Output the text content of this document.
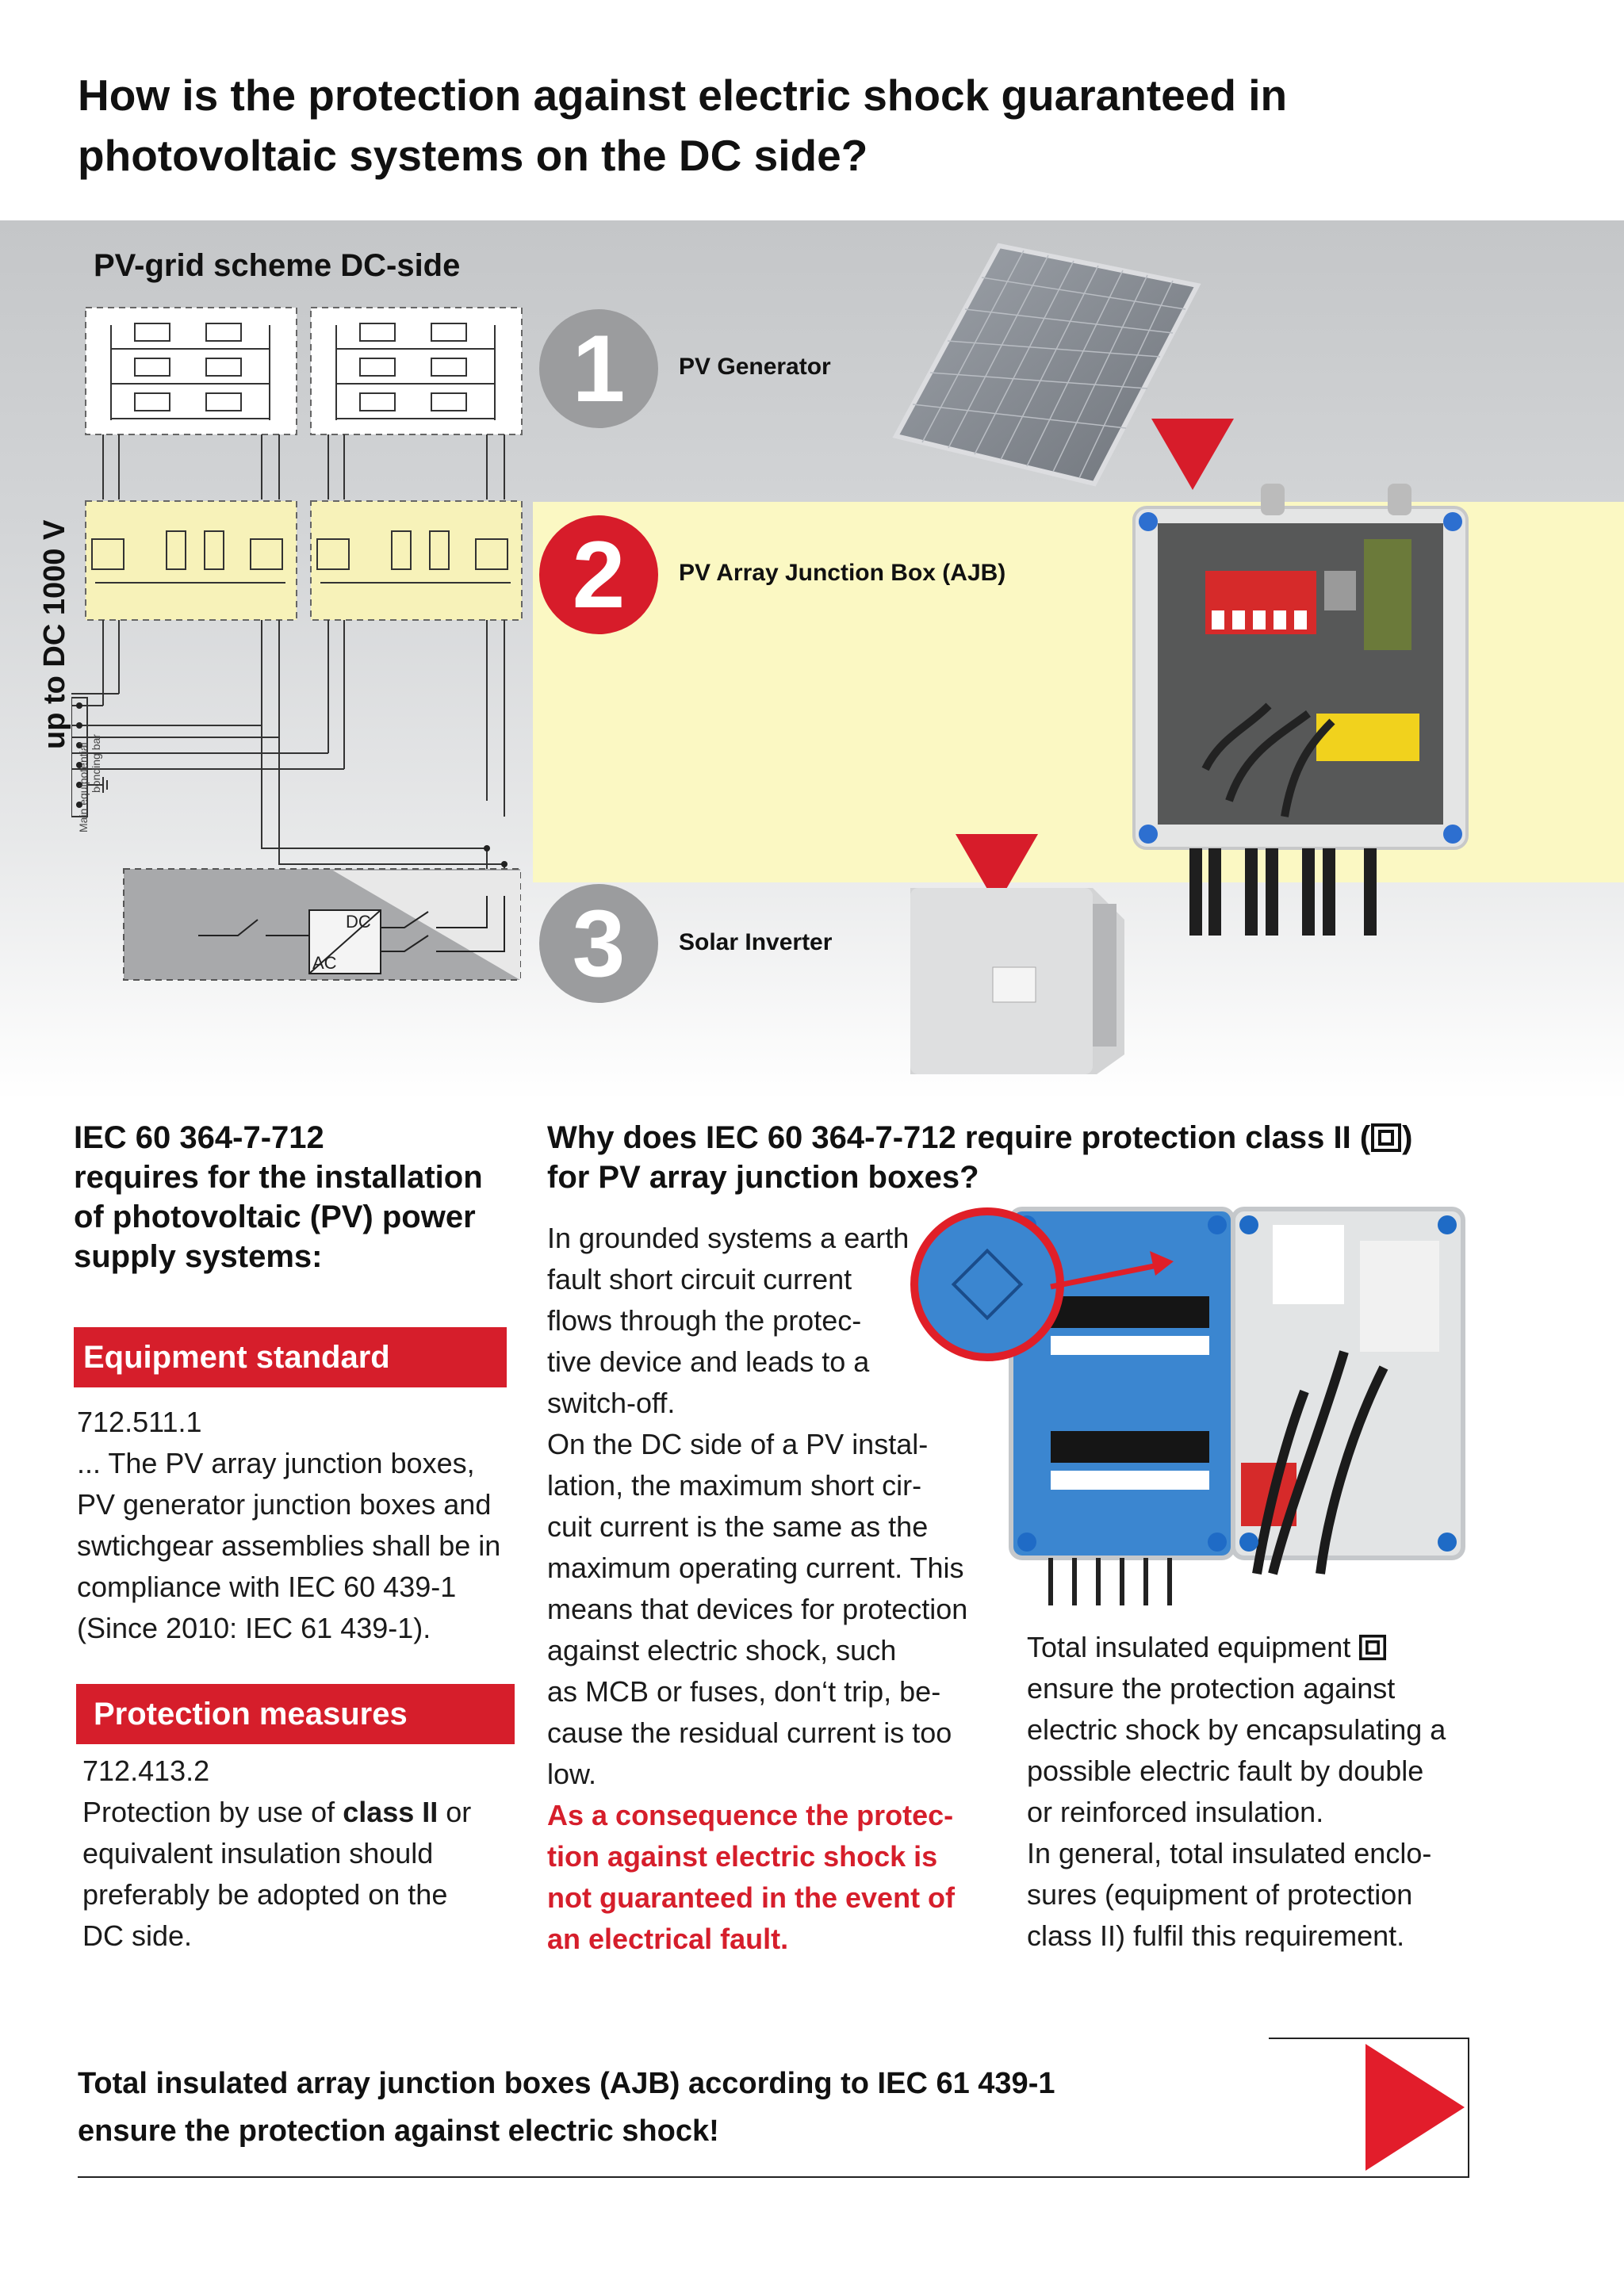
How is the protection against electric shock guaranteed in
photovoltaic systems on the DC side?
PV-grid scheme DC-side
up to DC 1000 V
DC
AC
Main equipotential bonding bar
1	PV Generator
2	PV Array Junction Box (AJB)
3	Solar Inverter
IEC 60 364-7-712
requires for the installation
of photovoltaic (PV) power
supply systems:
Equipment standard

712.511.1
... The PV array junction boxes,
PV generator junction boxes and
swtichgear assemblies shall be in
compliance with IEC 60 439-1
(Since 2010: IEC 61 439-1).

Protection measures

712.413.2
Protection by use of class II or
equivalent insulation should
preferably be adopted on the
DC side.

Why does IEC 60 364-7-712 require protection class II ( )
for PV array junction boxes?

In grounded systems a earth
fault short circuit current
flows through the protec-
tive device and leads to a
switch-off.
On the DC side of a PV instal-
lation, the maximum short cir-
cuit current is the same as the
maximum operating current. This
means that devices for protection
against electric shock, such
as MCB or fuses, don‘t trip, be-
cause the residual current is too
low.
As a consequence the protec-
tion against electric shock is
not guaranteed in the event of
an electrical fault.

Total insulated equipment
ensure the protection against
electric shock by encapsulating a
possible electric fault by double
or reinforced insulation.
In general, total insulated enclo-
sures (equipment of protection
class II) fulfil this requirement.

Total insulated array junction boxes (AJB) according to IEC 61 439-1
ensure the protection against electric shock!
